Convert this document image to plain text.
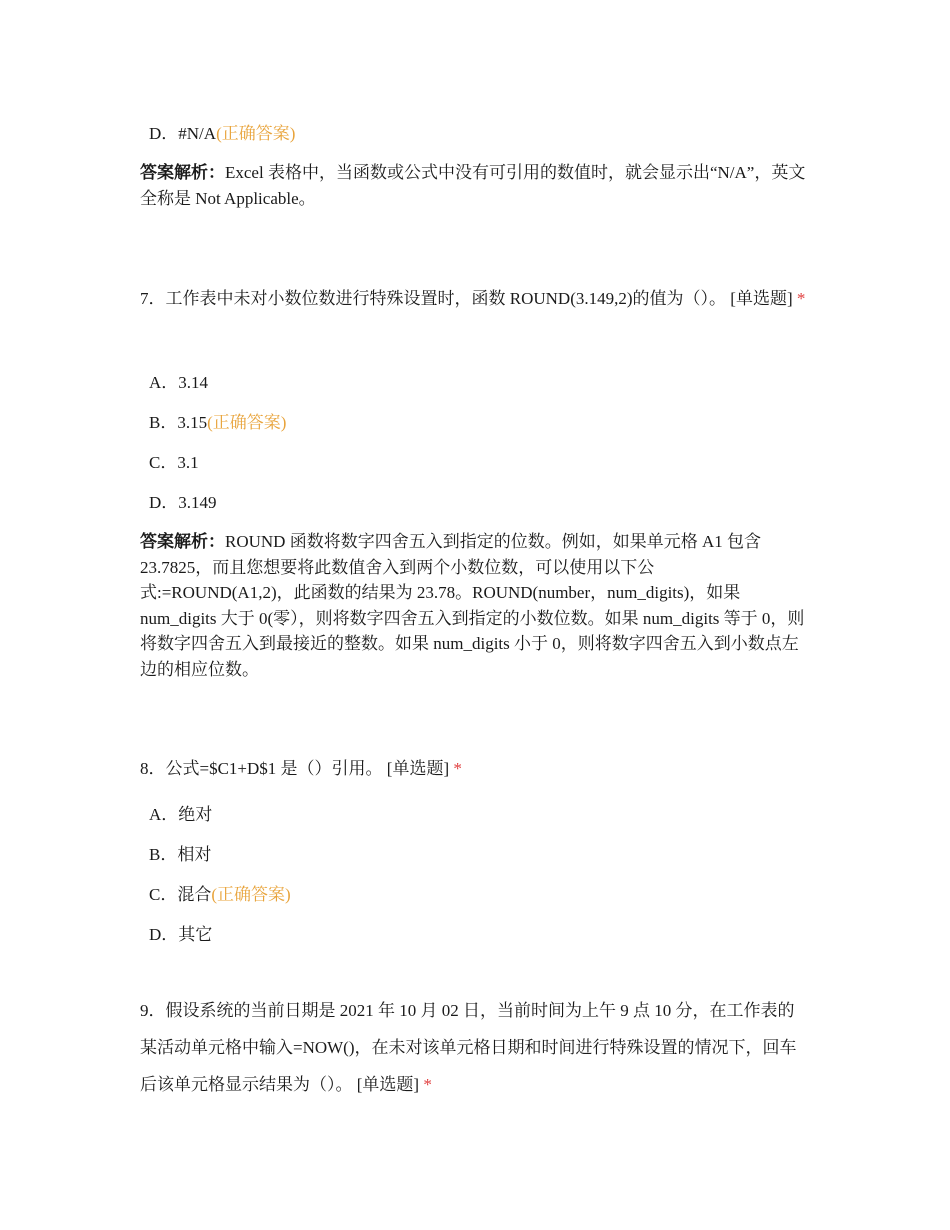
D．#N/A(正确答案)
答案解析：Excel 表格中，当函数或公式中没有可引用的数值时，就会显示出“N/A”，英文全称是 Not Applicable。
7．工作表中未对小数位数进行特殊设置时，函数 ROUND(3.149,2)的值为（）。 [单选题] *
A．3.14
B．3.15(正确答案)
C．3.1
D．3.149
答案解析：ROUND 函数将数字四舍五入到指定的位数。例如，如果单元格 A1 包含 23.7825，而且您想要将此数值舍入到两个小数位数，可以使用以下公式:=ROUND(A1,2)，此函数的结果为 23.78。ROUND(number，num_digits)，如果 num_digits 大于 0(零），则将数字四舍五入到指定的小数位数。如果 num_digits 等于 0，则将数字四舍五入到最接近的整数。如果 num_digits 小于 0，则将数字四舍五入到小数点左边的相应位数。
8．公式=$C1+D$1 是（）引用。 [单选题] *
A．绝对
B．相对
C．混合(正确答案)
D．其它
9．假设系统的当前日期是 2021 年 10 月 02 日，当前时间为上午 9 点 10 分，在工作表的某活动单元格中输入=NOW()，在未对该单元格日期和时间进行特殊设置的情况下，回车后该单元格显示结果为（）。 [单选题] *
